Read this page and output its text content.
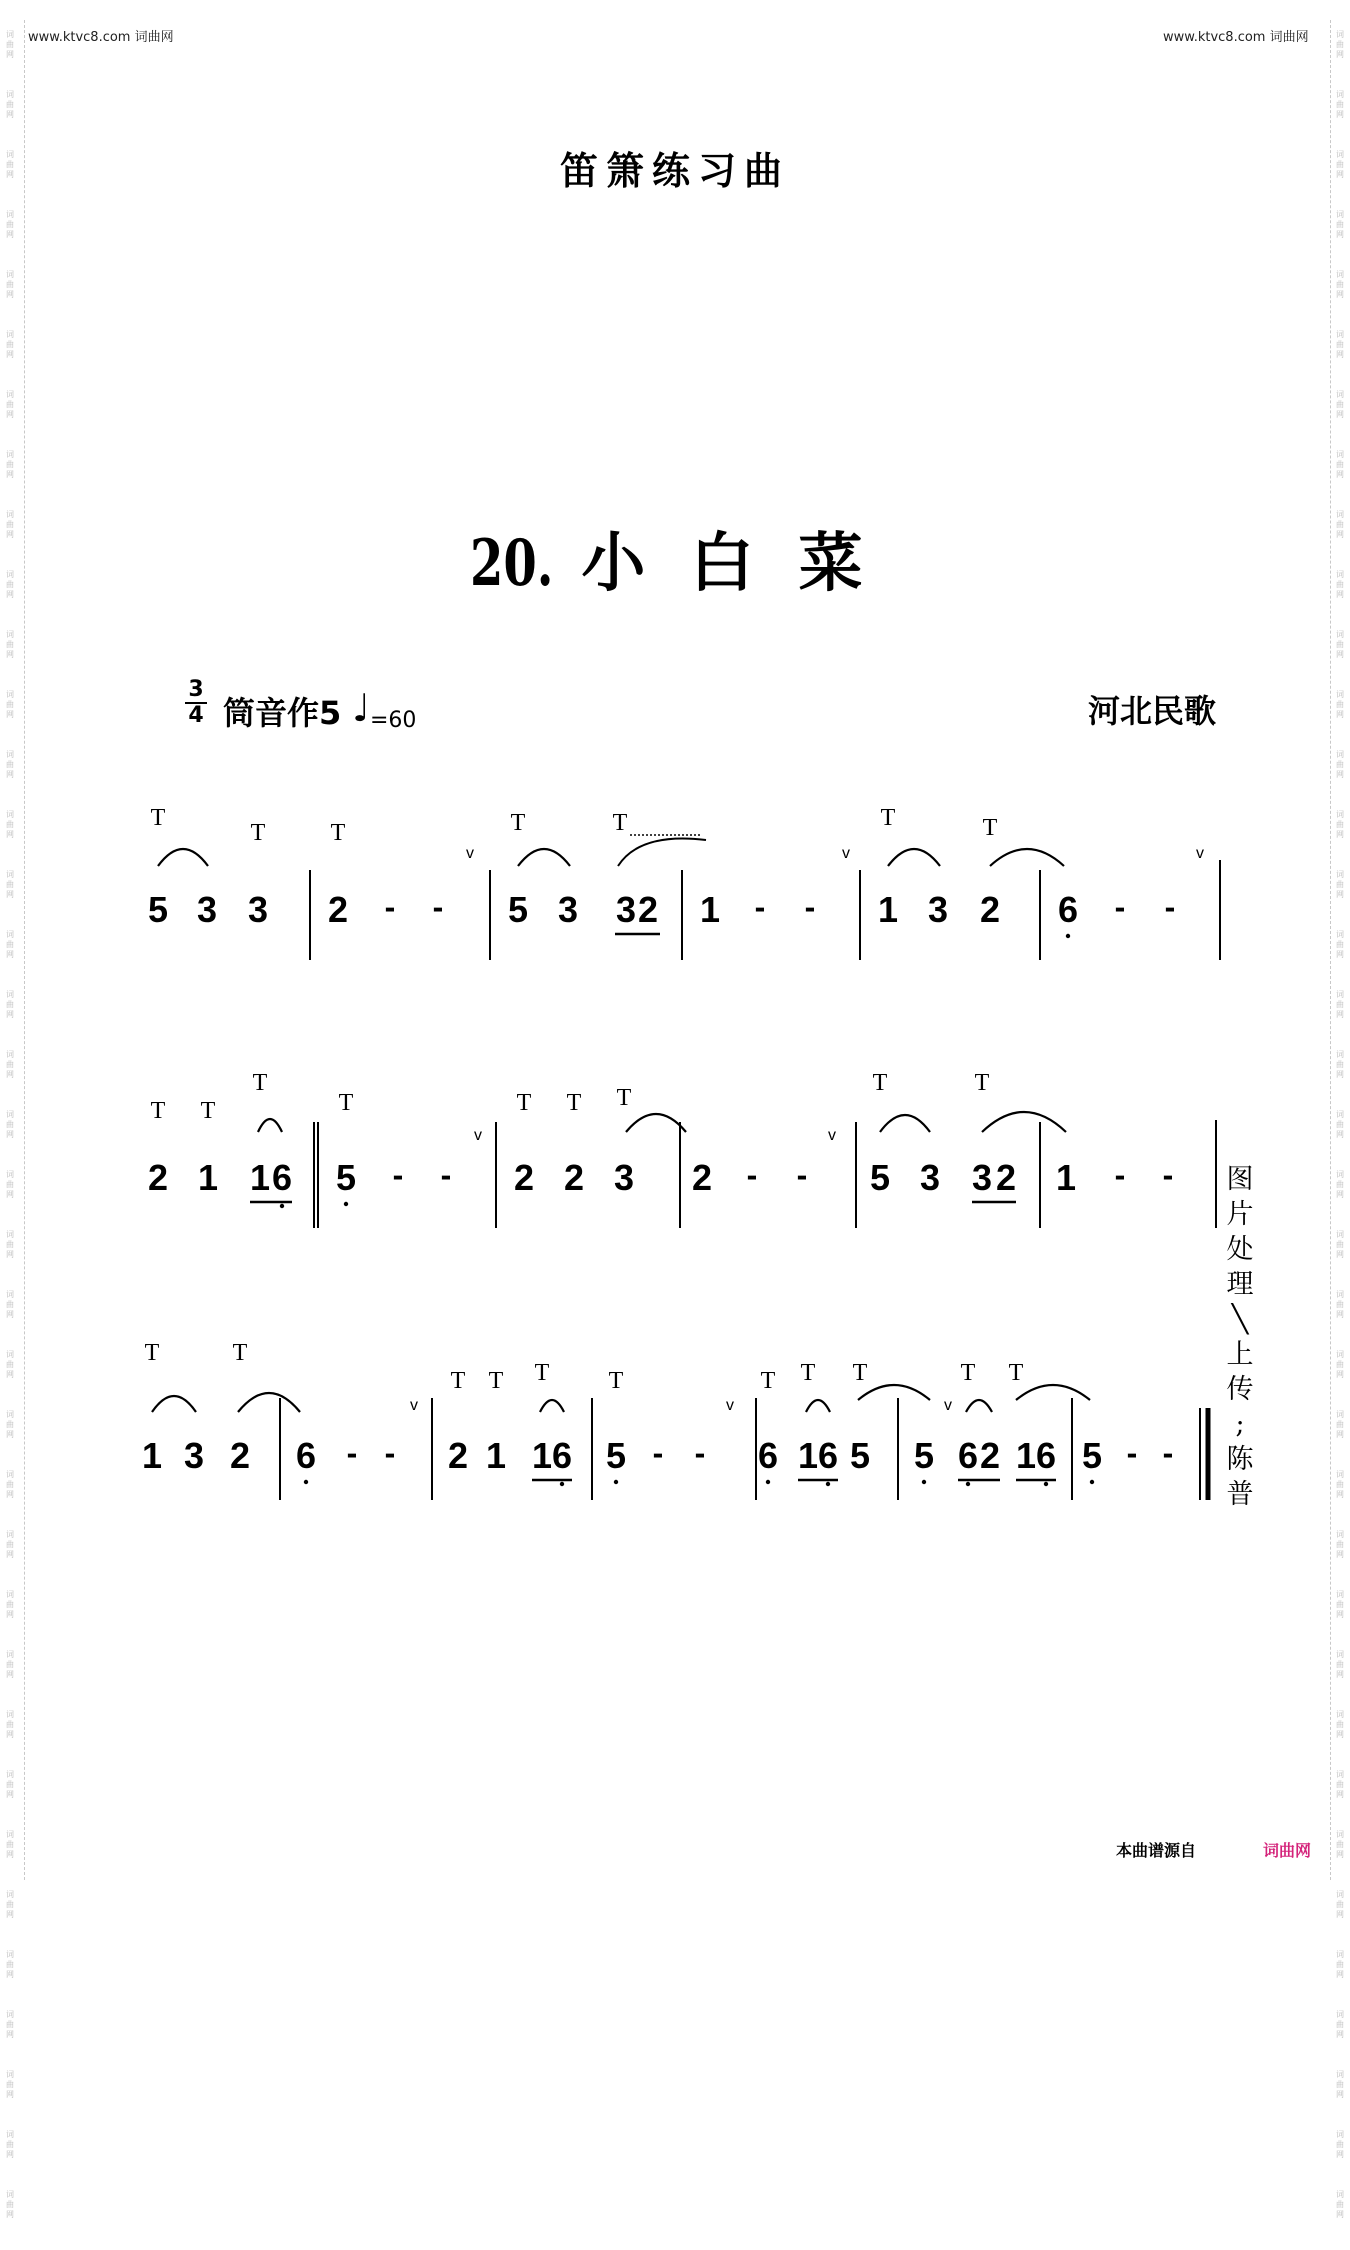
词
曲
网
词
曲
网
词
曲
网
词
曲
网
词
曲
网
词
曲
网
词
曲
网
词
曲
网
词
曲
网
词
曲
网
词
曲
网
词
曲
网
词
曲
网
词
曲
网
词
曲
网
词
曲
网
词
曲
网
词
曲
网
词
曲
网
词
曲
网
词
曲
网
词
曲
网
词
曲
网
词
曲
网
词
曲
网
词
曲
网
词
曲
网
词
曲
网
词
曲
网
词
曲
网
词
曲
网
词
曲
网
词
曲
网
词
曲
网
词
曲
网
词
曲
网
词
曲
网
词
曲
网
词
曲
网
词
曲
网
词
曲
网
词
曲
网
词
曲
网
词
曲
网
词
曲
网
词
曲
网
词
曲
网
词
曲
网
词
曲
网
词
曲
网
词
曲
网
词
曲
网
词
曲
网
词
曲
网
词
曲
网
词
曲
网
词
曲
网
词
曲
网
词
曲
网
词
曲
网
词
曲
网
词
曲
网
词
曲
网
词
曲
网
词
曲
网
词
曲
网
词
曲
网
词
曲
网
词
曲
网
词
曲
网
词
曲
网
词
曲
网
词
曲
网
词
曲
网
www.ktvc8.com 词曲网	www.ktvc8.com 词曲网
笛箫练习曲
20. 小  白  菜
3
4 筒音作5 ♩ =60	河北民歌
5 3 3 2 - - 5 3 3 2 1 - - 1 3 2 6 - -
T
T	T	T	T	T	T
v	v	v
2 1 1 6 5 - - 2 2 3 2 - - 5 3 3 2 1 - -
T T
T
T	T T T
T	T
v	v
1 3 2 6 - - 2 1 1 6 5 - - 6 1 6 5 5 6 2 1 6 5 - -
T	T
T T T T	T T T	T T
v	v	v
图
片
处
理
╲
上
传
;
陈
普
本曲谱源自	词曲网
